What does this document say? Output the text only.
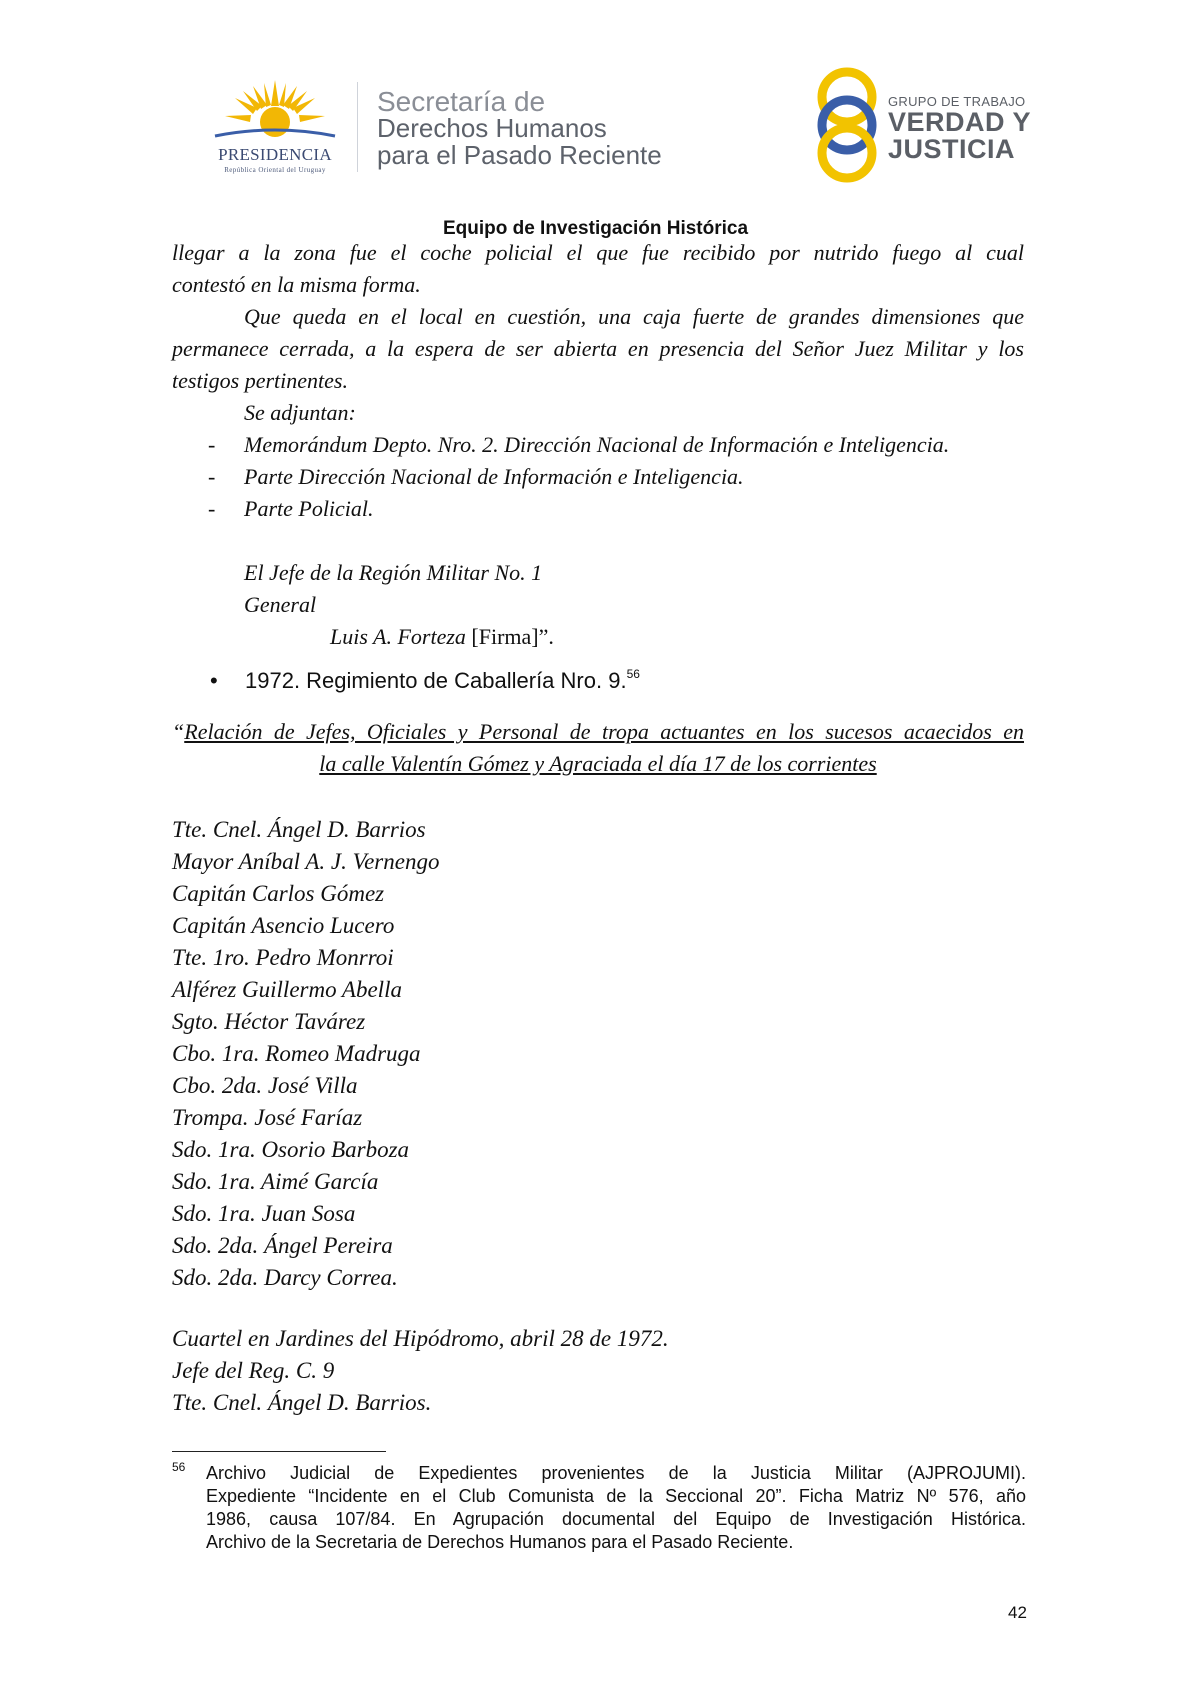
PRESIDENCIA
República Oriental del Uruguay
Secretaría de
Derechos Humanos
para el Pasado Reciente
GRUPO DE TRABAJO
VERDAD Y
JUSTICIA
Equipo de Investigación Histórica
llegar a la zona fue el coche policial el que fue recibido por nutrido fuego al cual
contestó en la misma forma.
Que queda en el local en cuestión, una caja fuerte de grandes dimensiones que
permanece cerrada, a la espera de ser abierta en presencia del Señor Juez Militar y los
testigos pertinentes.
Se adjuntan:
- Memorándum Depto. Nro. 2. Dirección Nacional de Información e Inteligencia.
- Parte Dirección Nacional de Información e Inteligencia.
- Parte Policial.
El Jefe de la Región Militar No. 1
General
Luis A. Forteza [Firma]”.
• 1972. Regimiento de Caballería Nro. 9.56
“Relación de Jefes, Oficiales y Personal de tropa actuantes en los sucesos acaecidos en
la calle Valentín Gómez y Agraciada el día 17 de los corrientes
Tte. Cnel. Ángel D. Barrios
Mayor Aníbal A. J. Vernengo
Capitán Carlos Gómez
Capitán Asencio Lucero
Tte. 1ro. Pedro Monrroi
Alférez Guillermo Abella
Sgto. Héctor Tavárez
Cbo. 1ra. Romeo Madruga
Cbo. 2da. José Villa
Trompa. José Faríaz
Sdo. 1ra. Osorio Barboza
Sdo. 1ra. Aimé García
Sdo. 1ra. Juan Sosa
Sdo. 2da. Ángel Pereira
Sdo. 2da. Darcy Correa.
Cuartel en Jardines del Hipódromo, abril 28 de 1972.
Jefe del Reg. C. 9
Tte. Cnel. Ángel D. Barrios.
56 Archivo Judicial de Expedientes provenientes de la Justicia Militar (AJPROJUMI).
Expediente “Incidente en el Club Comunista de la Seccional 20”. Ficha Matriz Nº 576, año
1986, causa 107/84. En Agrupación documental del Equipo de Investigación Histórica.
Archivo de la Secretaria de Derechos Humanos para el Pasado Reciente.
42
